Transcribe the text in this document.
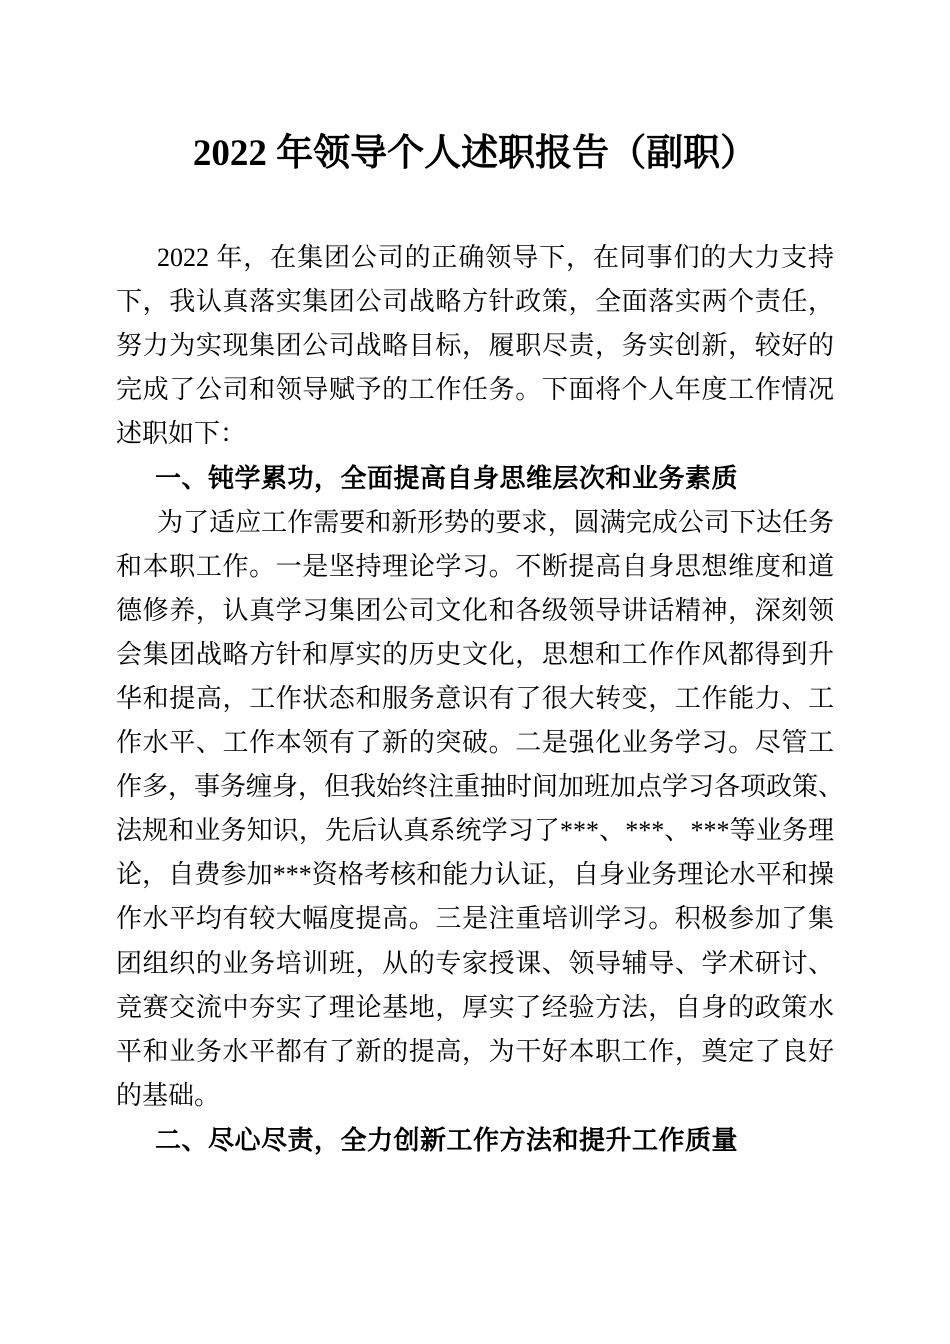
2022 年领导个人述职报告（副职）
2022 年，在集团公司的正确领导下，在同事们的大力支持
下，我认真落实集团公司战略方针政策，全面落实两个责任，
努力为实现集团公司战略目标，履职尽责，务实创新，较好的
完成了公司和领导赋予的工作任务。下面将个人年度工作情况
述职如下：
一、钝学累功，全面提高自身思维层次和业务素质
为了适应工作需要和新形势的要求，圆满完成公司下达任务
和本职工作。一是坚持理论学习。不断提高自身思想维度和道
德修养，认真学习集团公司文化和各级领导讲话精神，深刻领
会集团战略方针和厚实的历史文化，思想和工作作风都得到升
华和提高，工作状态和服务意识有了很大转变，工作能力、工
作水平、工作本领有了新的突破。二是强化业务学习。尽管工
作多，事务缠身，但我始终注重抽时间加班加点学习各项政策、
法规和业务知识，先后认真系统学习了***、***、***等业务理
论，自费参加***资格考核和能力认证，自身业务理论水平和操
作水平均有较大幅度提高。三是注重培训学习。积极参加了集
团组织的业务培训班，从的专家授课、领导辅导、学术研讨、
竞赛交流中夯实了理论基地，厚实了经验方法，自身的政策水
平和业务水平都有了新的提高，为干好本职工作，奠定了良好
的基础。
二、尽心尽责，全力创新工作方法和提升工作质量
